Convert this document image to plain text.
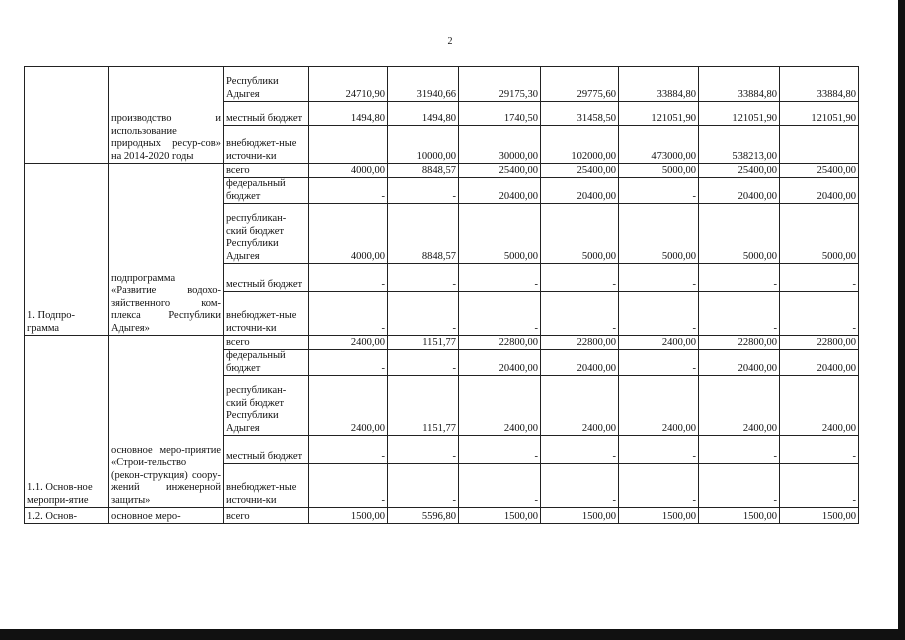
2
	производство и использование природных ресур-сов» на 2014-2020 годы	Республики Адыгея	24710,90	31940,66	29175,30	29775,60	33884,80	33884,80	33884,80
		местный бюджет	1494,80	1494,80	1740,50	31458,50	121051,90	121051,90	121051,90
		внебюджет-ные источни-ки		10000,00	30000,00	102000,00	473000,00	538213,00	
1. Подпро-грамма	подпрограмма «Развитие водохо-зяйственного ком-плекса Республики Адыгея»	всего	4000,00	8848,57	25400,00	25400,00	5000,00	25400,00	25400,00
		федеральный бюджет	-	-	20400,00	20400,00	-	20400,00	20400,00
		республикан-ский бюджет Республики Адыгея	4000,00	8848,57	5000,00	5000,00	5000,00	5000,00	5000,00
		местный бюджет	-	-	-	-	-	-	-
		внебюджет-ные источни-ки	-	-	-	-	-	-	-
1.1. Основ-ное меропри-ятие	основное меро-приятие «Строи-тельство (рекон-струкция) соору-жений инженерной защиты»	всего	2400,00	1151,77	22800,00	22800,00	2400,00	22800,00	22800,00
		федеральный бюджет	-	-	20400,00	20400,00	-	20400,00	20400,00
		республикан-ский бюджет Республики Адыгея	2400,00	1151,77	2400,00	2400,00	2400,00	2400,00	2400,00
		местный бюджет	-	-	-	-	-	-	-
		внебюджет-ные источни-ки	-	-	-	-	-	-	-
1.2. Основ-	основное меро-	всего	1500,00	5596,80	1500,00	1500,00	1500,00	1500,00	1500,00
